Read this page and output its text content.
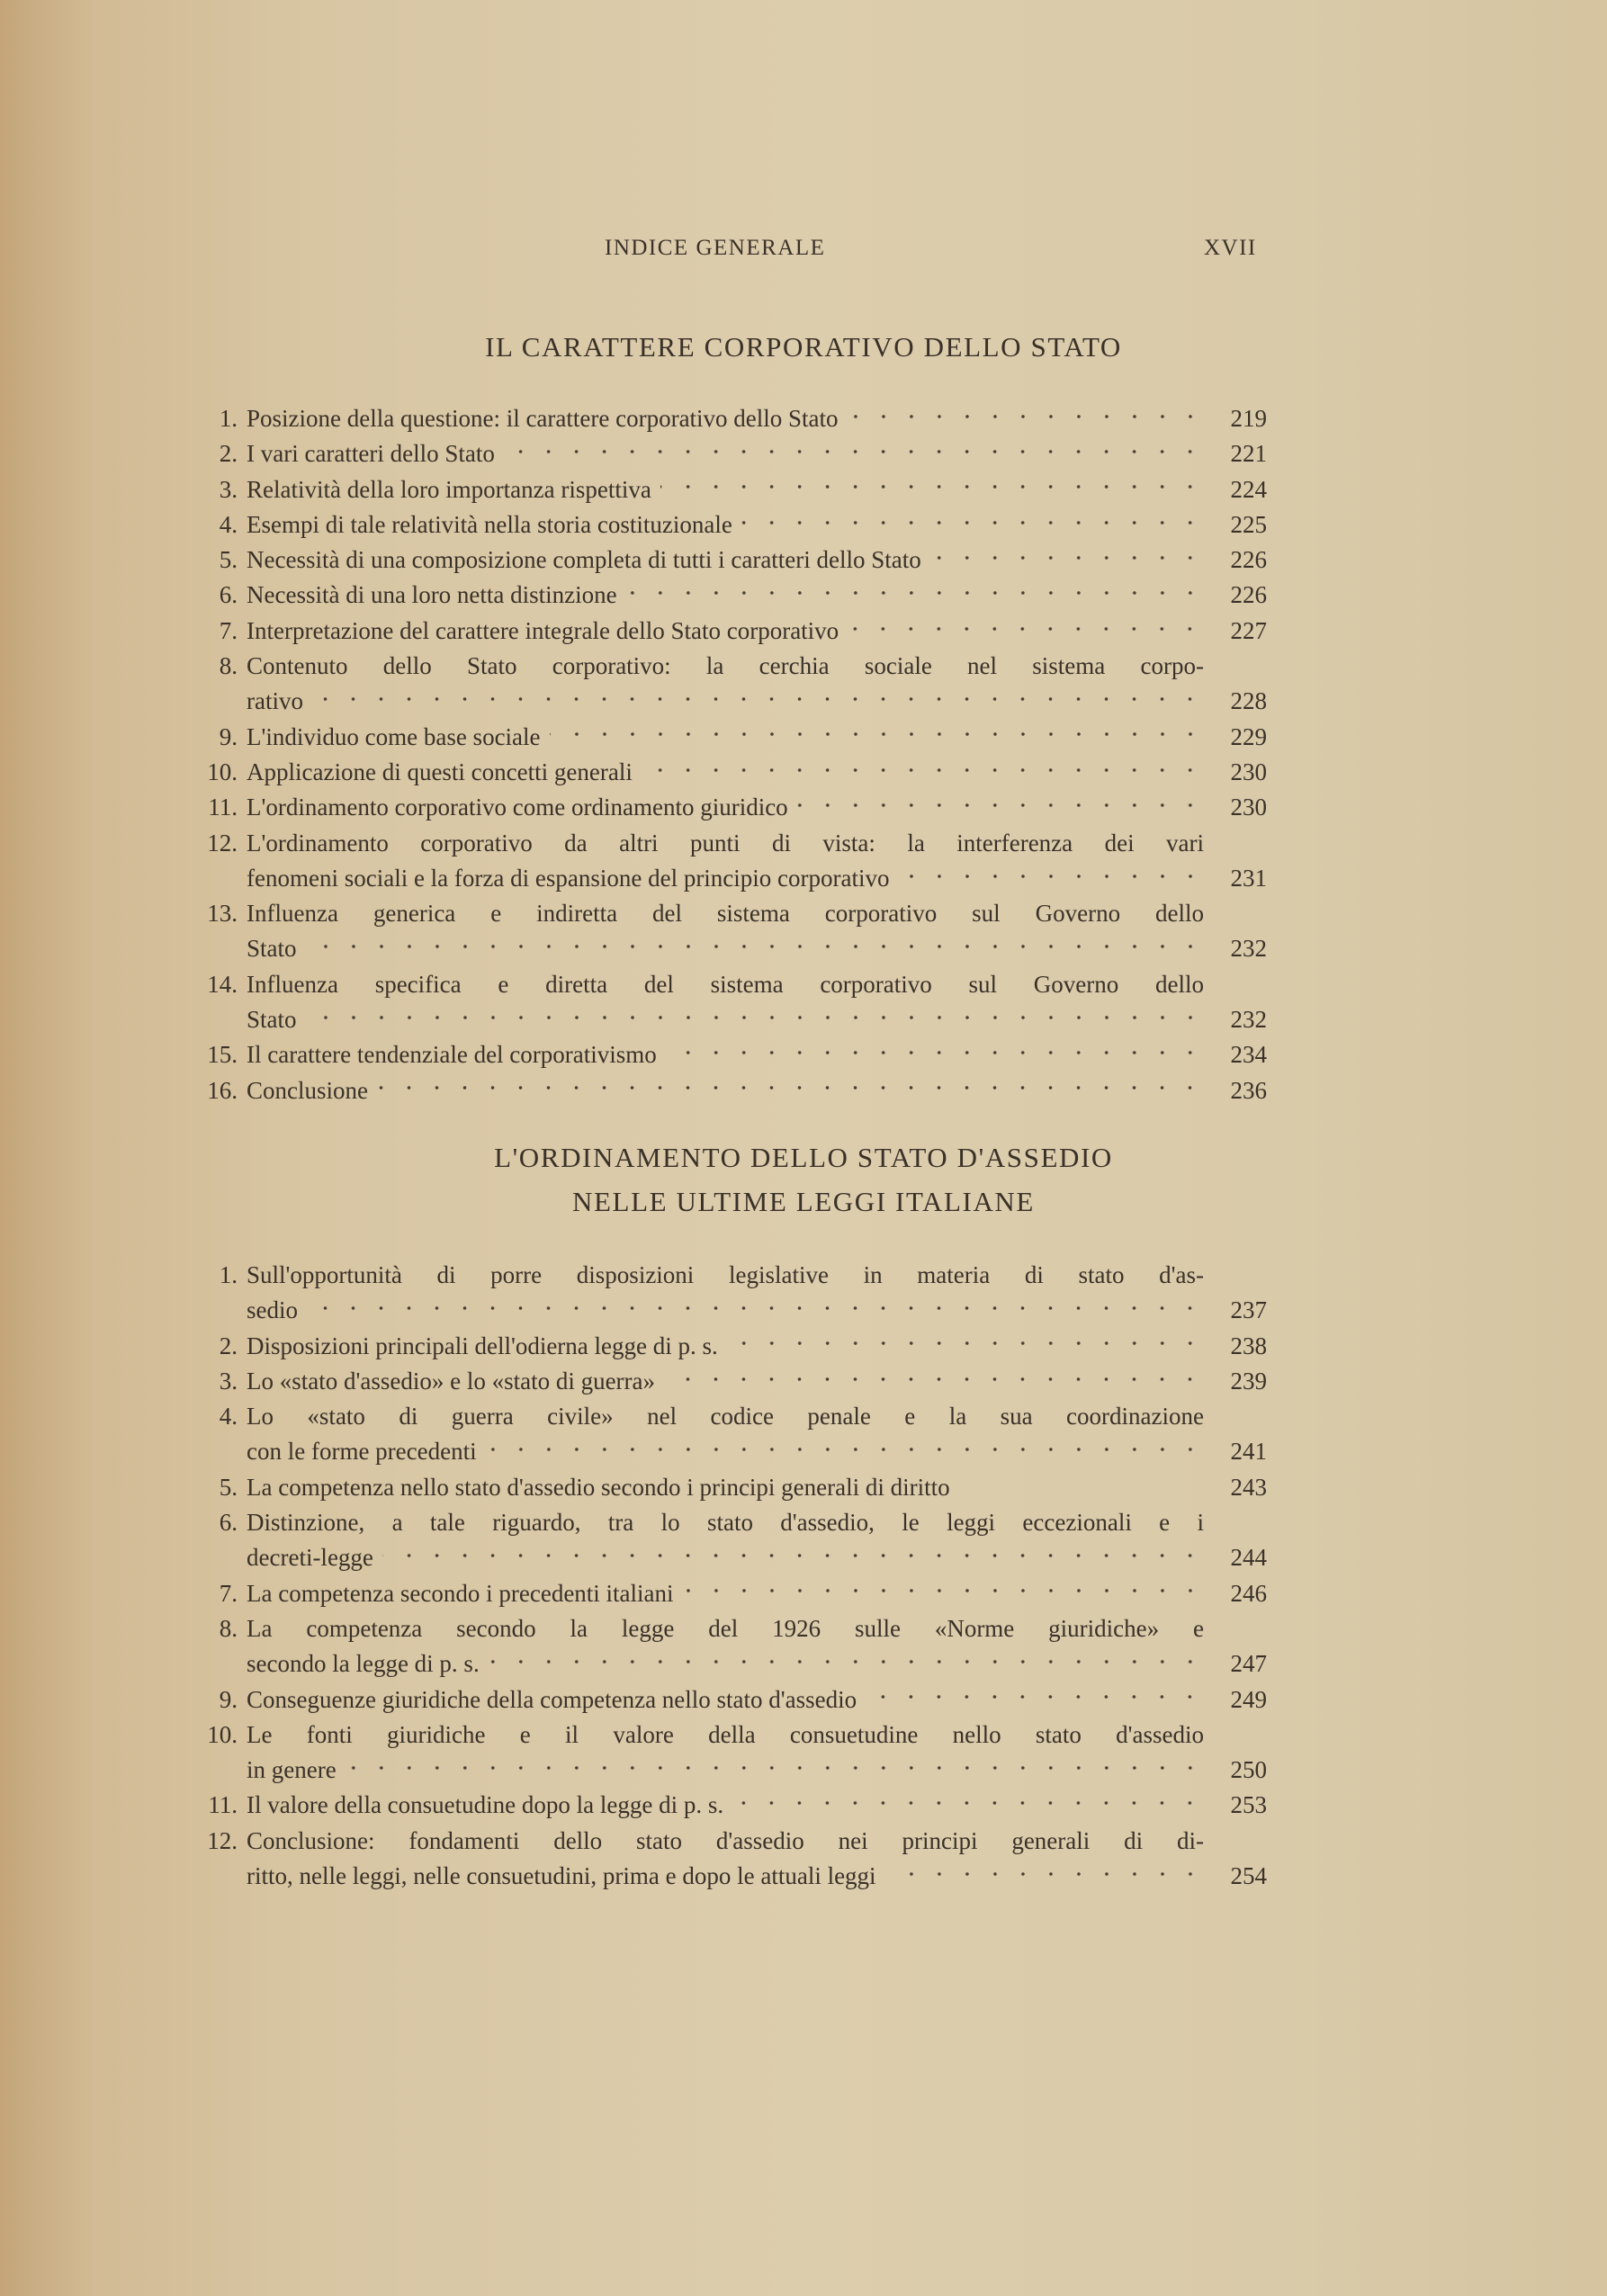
INDICE GENERALE	XVII
IL CARATTERE CORPORATIVO DELLO STATO
1. Posizione della questione: il carattere corporativo dello Stato	219
2. I vari caratteri dello Stato	221
3. Relatività della loro importanza rispettiva	224
4. Esempi di tale relatività nella storia costituzionale	225
5. Necessità di una composizione completa di tutti i caratteri dello Stato	226
6. Necessità di una loro netta distinzione	226
7. Interpretazione del carattere integrale dello Stato corporativo	227
8. Contenuto dello Stato corporativo: la cerchia sociale nel sistema corpo-
rativo	228
9. L'individuo come base sociale	229
10. Applicazione di questi concetti generali	230
11. L'ordinamento corporativo come ordinamento giuridico	230
12. L'ordinamento corporativo da altri punti di vista: la interferenza dei vari
fenomeni sociali e la forza di espansione del principio corporativo	231
13. Influenza generica e indiretta del sistema corporativo sul Governo dello
Stato	232
14. Influenza specifica e diretta del sistema corporativo sul Governo dello
Stato	232
15. Il carattere tendenziale del corporativismo	234
16. Conclusione	236
L'ORDINAMENTO DELLO STATO D'ASSEDIO
NELLE ULTIME LEGGI ITALIANE
1. Sull'opportunità di porre disposizioni legislative in materia di stato d'as-
sedio	237
2. Disposizioni principali dell'odierna legge di p. s.	238
3. Lo «stato d'assedio» e lo «stato di guerra»	239
4. Lo «stato di guerra civile» nel codice penale e la sua coordinazione
con le forme precedenti	241
5. La competenza nello stato d'assedio secondo i principi generali di diritto	243
6. Distinzione, a tale riguardo, tra lo stato d'assedio, le leggi eccezionali e i
decreti-legge	244
7. La competenza secondo i precedenti italiani	246
8. La competenza secondo la legge del 1926 sulle «Norme giuridiche» e
secondo la legge di p. s.	247
9. Conseguenze giuridiche della competenza nello stato d'assedio	249
10. Le fonti giuridiche e il valore della consuetudine nello stato d'assedio
in genere	250
11. Il valore della consuetudine dopo la legge di p. s.	253
12. Conclusione: fondamenti dello stato d'assedio nei principi generali di di-
ritto, nelle leggi, nelle consuetudini, prima e dopo le attuali leggi	254
